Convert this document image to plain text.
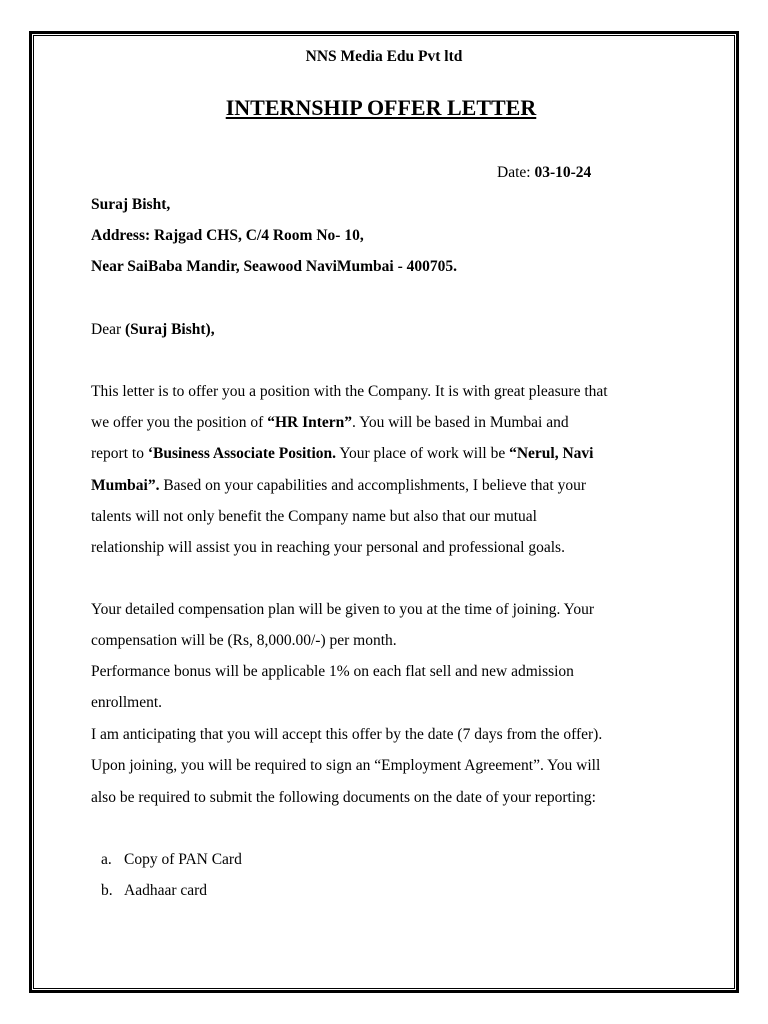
NNS Media Edu Pvt ltd
INTERNSHIP OFFER LETTER
Date: 03-10-24
Suraj Bisht,
Address: Rajgad CHS, C/4 Room No- 10,
Near SaiBaba Mandir, Seawood NaviMumbai - 400705.
Dear (Suraj Bisht),
This letter is to offer you a position with the Company. It is with great pleasure that
we offer you the position of “HR Intern”. You will be based in Mumbai and
report to ‘Business Associate Position. Your place of work will be “Nerul, Navi
Mumbai”. Based on your capabilities and accomplishments, I believe that your
talents will not only benefit the Company name but also that our mutual
relationship will assist you in reaching your personal and professional goals.
Your detailed compensation plan will be given to you at the time of joining. Your
compensation will be (Rs, 8,000.00/-) per month.
Performance bonus will be applicable 1% on each flat sell and new admission
enrollment.
I am anticipating that you will accept this offer by the date (7 days from the offer).
Upon joining, you will be required to sign an “Employment Agreement”. You will
also be required to submit the following documents on the date of your reporting:
a. Copy of PAN Card
b. Aadhaar card
